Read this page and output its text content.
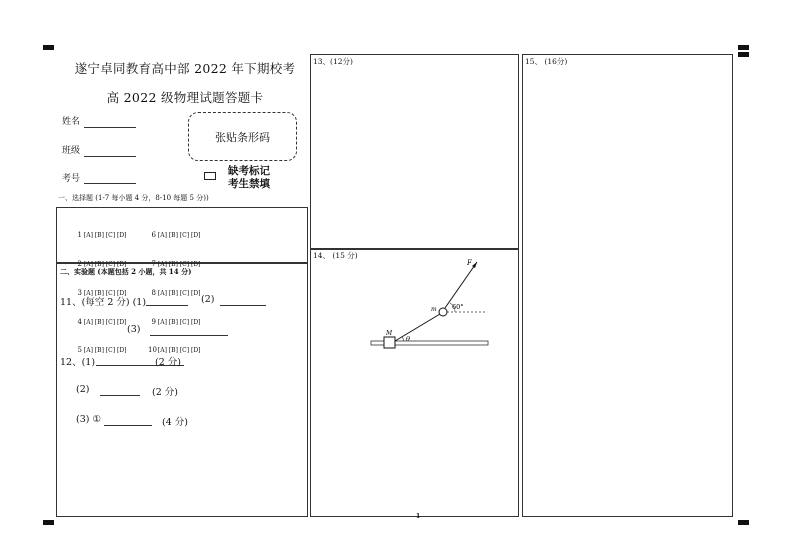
遂宁卓同教育高中部 2022 年下期校考
高 2022 级物理试题答题卡
姓名
班级
考号
张贴条形码
缺考标记
考生禁填
一、选择题 (1-7 每小题 4 分，8-10 每题 5 分))

1 [A] [B] [C] [D]

2 [A] [B] [C] [D]

3 [A] [B] [C] [D]

4 [A] [B] [C] [D]

5 [A] [B] [C] [D]

6 [A] [B] [C] [D]

7 [A] [B] [C] [D]

8 [A] [B] [C] [D]

9 [A] [B] [C] [D]

10 [A] [B] [C] [D]

二、实验题 (本题包括 2 小题，共 14 分)
11、(每空 2 分) (1)	(2)
(3)
12、(1)	(2 分)
(2)	(2 分)
(3) ①	(4 分)
13、(12分)
14、 (15 分)
F
m 60°
M
θ
15、 (16分)
1
